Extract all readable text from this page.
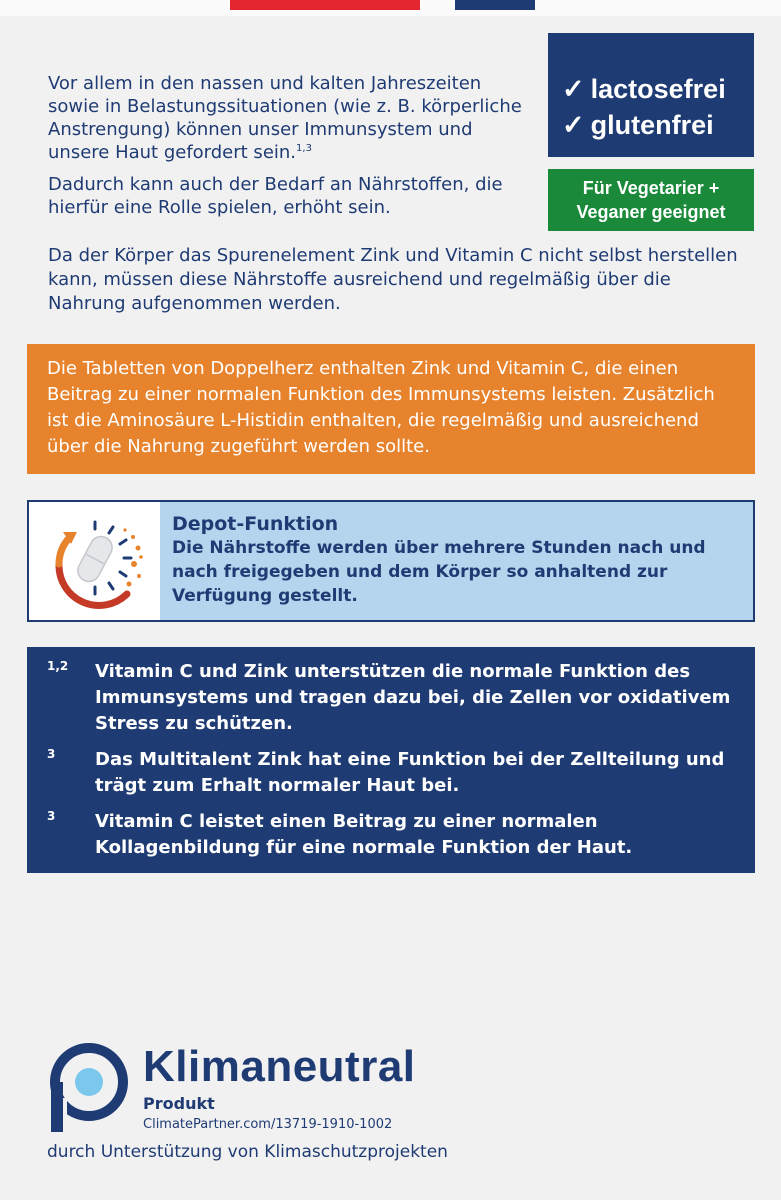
Vor allem in den nassen und kalten Jahreszeiten sowie in Belastungssituationen (wie z. B. körperliche Anstrengung) können unser Immunsystem und unsere Haut gefordert sein.$^{1,3}$

Dadurch kann auch der Bedarf an Nährstoffen, die hierfür eine Rolle spielen, erhöht sein.

Da der Körper das Spurenelement Zink und Vitamin C nicht selbst herstellen kann, müssen diese Nährstoffe ausreichend und regelmäßig über die Nahrung aufgenommen werden.

✓ lactosefrei
✓ glutenfrei
Für Vegetarier +
Veganer geeignet
Die Tabletten von Doppelherz enthalten Zink und Vitamin C, die einen Beitrag zu einer normalen Funktion des Immunsystems leisten. Zusätzlich ist die Aminosäure L-Histidin enthalten, die regelmäßig und ausreichend über die Nahrung zugeführt werden sollte.
Depot-Funktion
Die Nährstoffe werden über mehrere Stunden nach und nach freigegeben und dem Körper so anhaltend zur Verfügung gestellt.
1,2 Vitamin C und Zink unterstützen die normale Funktion des Immunsystems und tragen dazu bei, die Zellen vor oxidativem Stress zu schützen.
3 Das Multitalent Zink hat eine Funktion bei der Zellteilung und trägt zum Erhalt normaler Haut bei.
3 Vitamin C leistet einen Beitrag zu einer normalen Kollagenbildung für eine normale Funktion der Haut.
Klimaneutral
Produkt
ClimatePartner.com/13719-1910-1002
durch Unterstützung von Klimaschutzprojekten
